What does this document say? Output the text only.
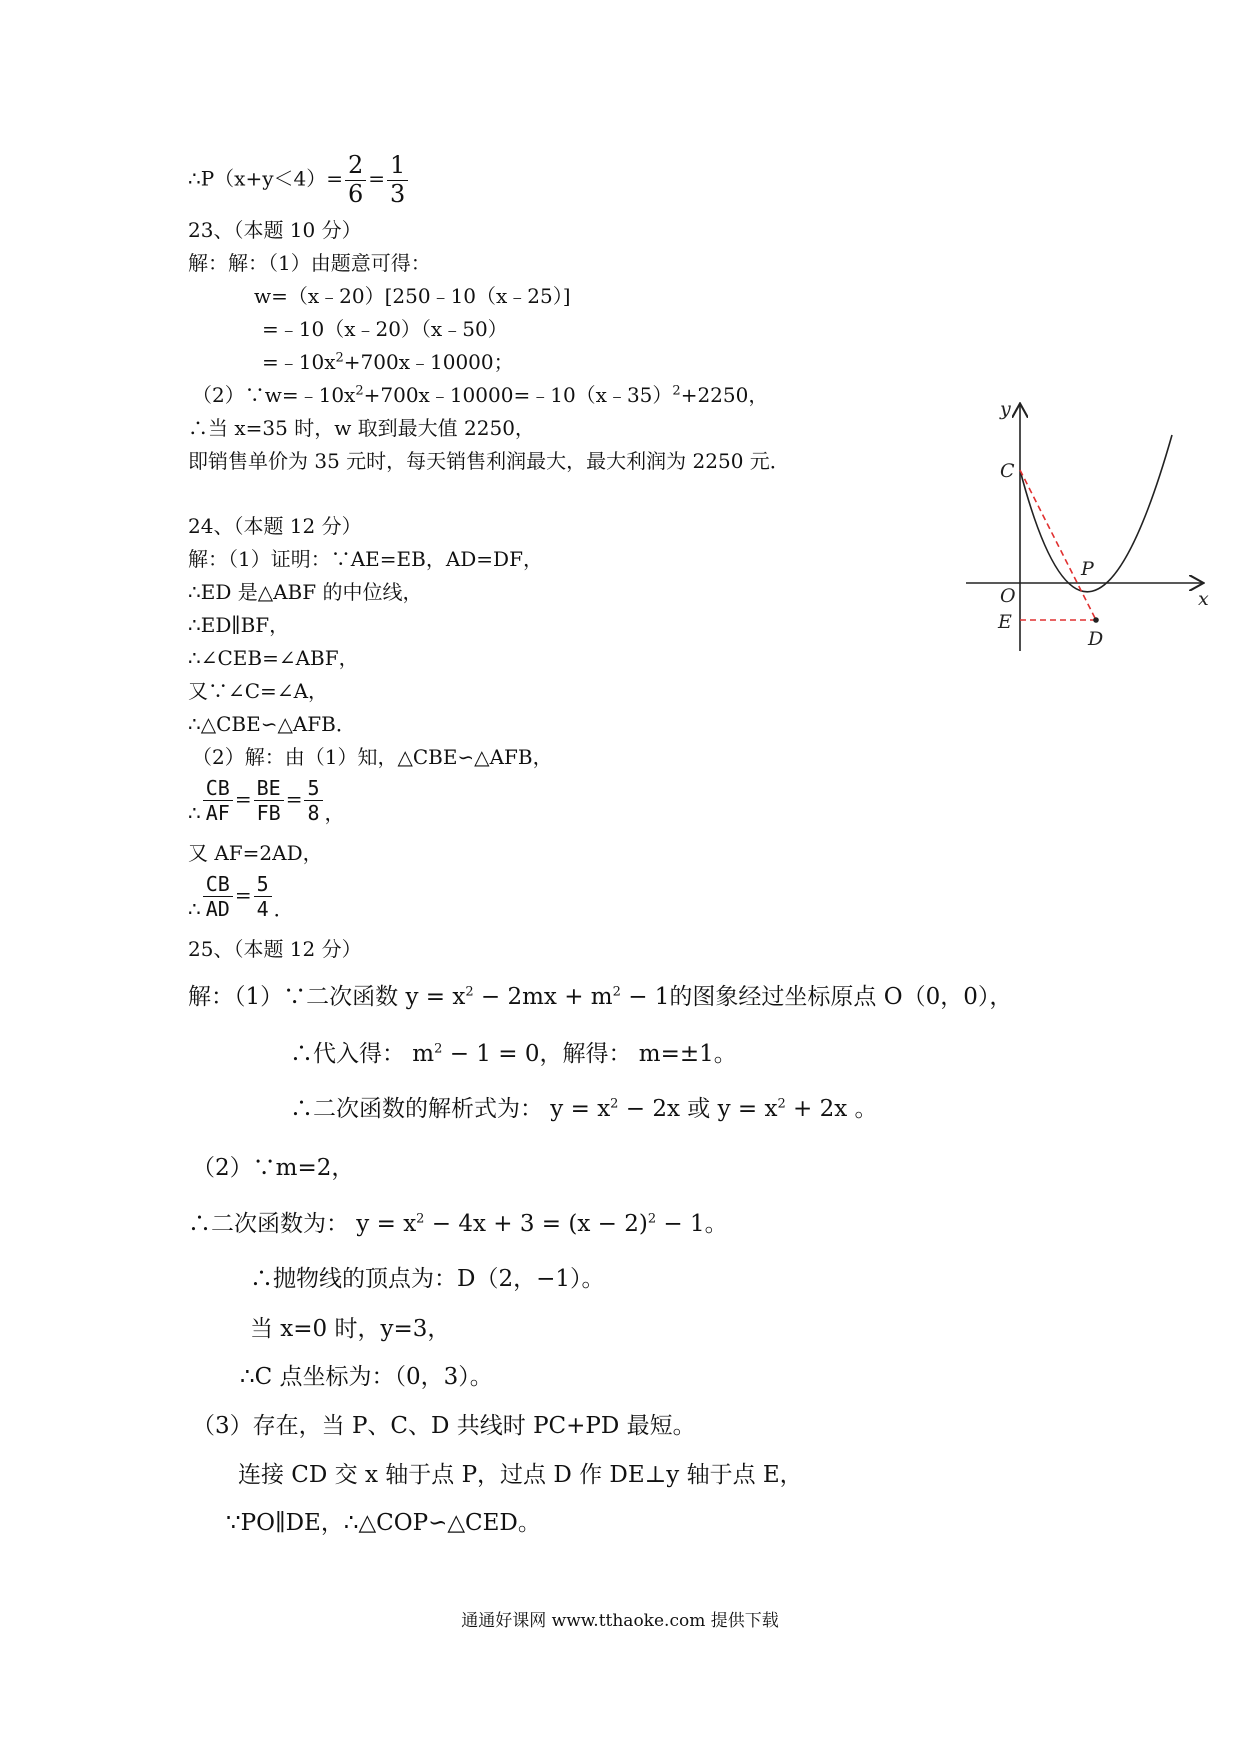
∴P（x+y＜4）= $\frac{2}{6} = \frac{1}{3}$
23、（本题 10 分）
解：解：（1）由题意可得：
w=（x﹣20）[250﹣10（x﹣25）]
=﹣10（x﹣20）（x﹣50）
$=﹣10x^2+700x﹣10000$；
$(2)\because w=﹣10x^2+700x﹣10000=﹣10(x﹣35)^2+2250$，
∴当 x=35 时，w 取到最大值 2250，
即销售单价为 35 元时，每天销售利润最大，最大利润为 2250 元．
24、（本题 12 分）
解：（1）证明：∵AE=EB，AD=DF，
∴ED 是△ABF 的中位线，
∴ED∥BF，
∴∠CEB=∠ABF，
又∵∠C=∠A，
∴△CBE∽△AFB．
（2）解：由（1）知，△CBE∽△AFB，
∴ $\frac{CB}{AF} = \frac{BE}{FB} = \frac{5}{8}$ ，
又 AF=2AD，
∴ $\frac{CB}{AD} = \frac{5}{4}$ ．
25、（本题 12 分）
解：（1）∵二次函数 $y = x^2 - 2mx + m^2 - 1$的图象经过坐标原点 O（0，0），
∴代入得： $m^2 - 1 = 0$，解得： m=±1。
∴二次函数的解析式为： $y = x^2 - 2x$ 或 $y = x^2 + 2x$ 。
（2）∵m=2，
∴二次函数为： $y = x^2 - 4x + 3 = (x - 2)^2 - 1$。
∴抛物线的顶点为：D（2，−1）。
当 x=0 时，y=3，
∴C 点坐标为：（0，3）。
（3）存在，当 P、C、D 共线时 PC+PD 最短。
连接 CD 交 x 轴于点 P，过点 D 作 DE⊥y 轴于点 E，
∵PO∥DE，∴△COP∽△CED。
y
x
C
O
E
P
D
通通好课网 www.tthaoke.com 提供下载
